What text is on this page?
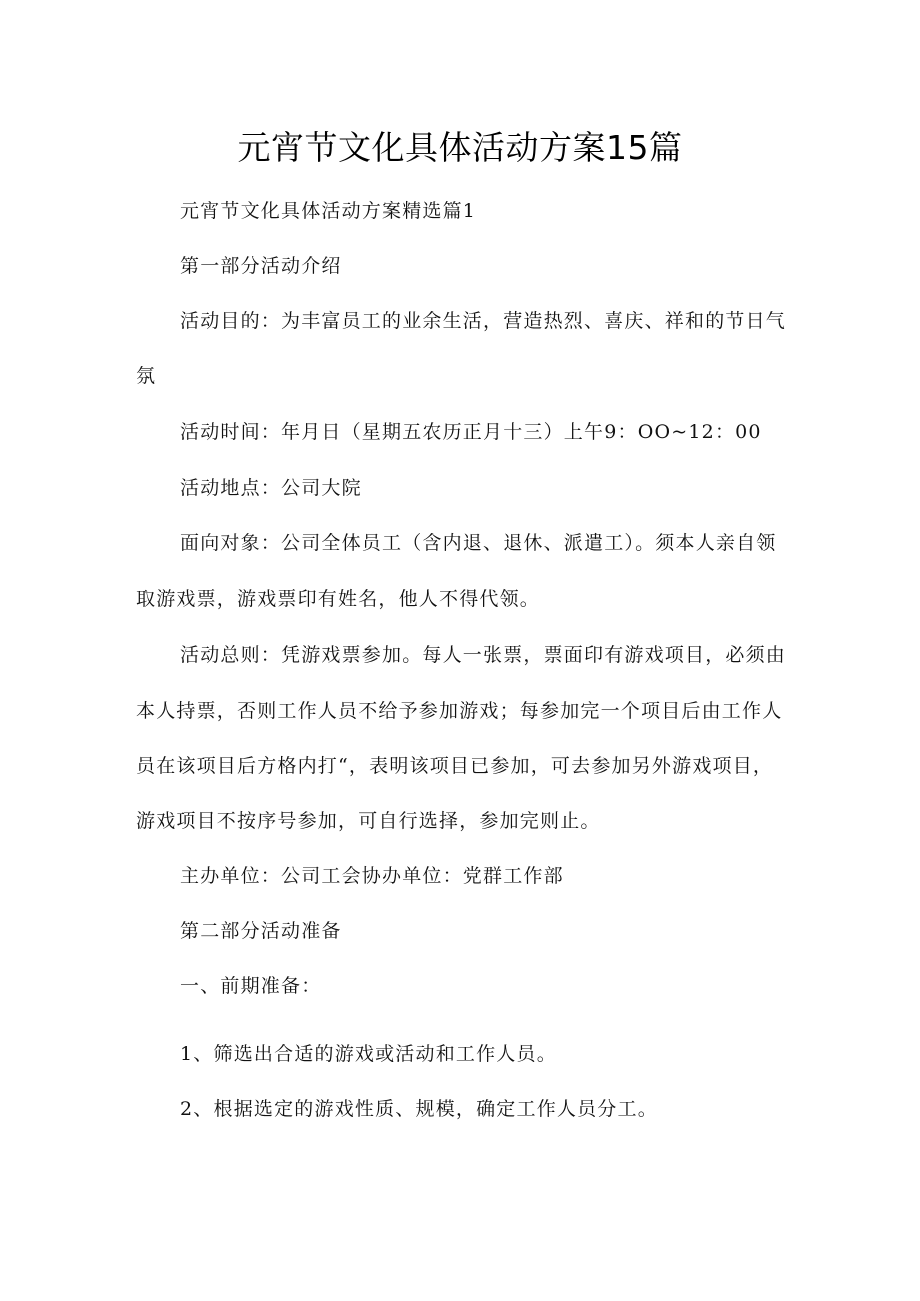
元宵节文化具体活动方案15篇
元宵节文化具体活动方案精选篇1
第一部分活动介绍
活动目的：为丰富员工的业余生活，营造热烈、喜庆、祥和的节日气
氛
活动时间：年月日（星期五农历正月十三）上午9：OO~12：00
活动地点：公司大院
面向对象：公司全体员工（含内退、退休、派遣工）。须本人亲自领
取游戏票，游戏票印有姓名，他人不得代领。
活动总则：凭游戏票参加。每人一张票，票面印有游戏项目，必须由
本人持票，否则工作人员不给予参加游戏；每参加完一个项目后由工作人
员在该项目后方格内打“，表明该项目已参加，可去参加另外游戏项目，
游戏项目不按序号参加，可自行选择，参加完则止。
主办单位：公司工会协办单位：党群工作部
第二部分活动准备
一、前期准备：
1、筛选出合适的游戏或活动和工作人员。
2、根据选定的游戏性质、规模，确定工作人员分工。
